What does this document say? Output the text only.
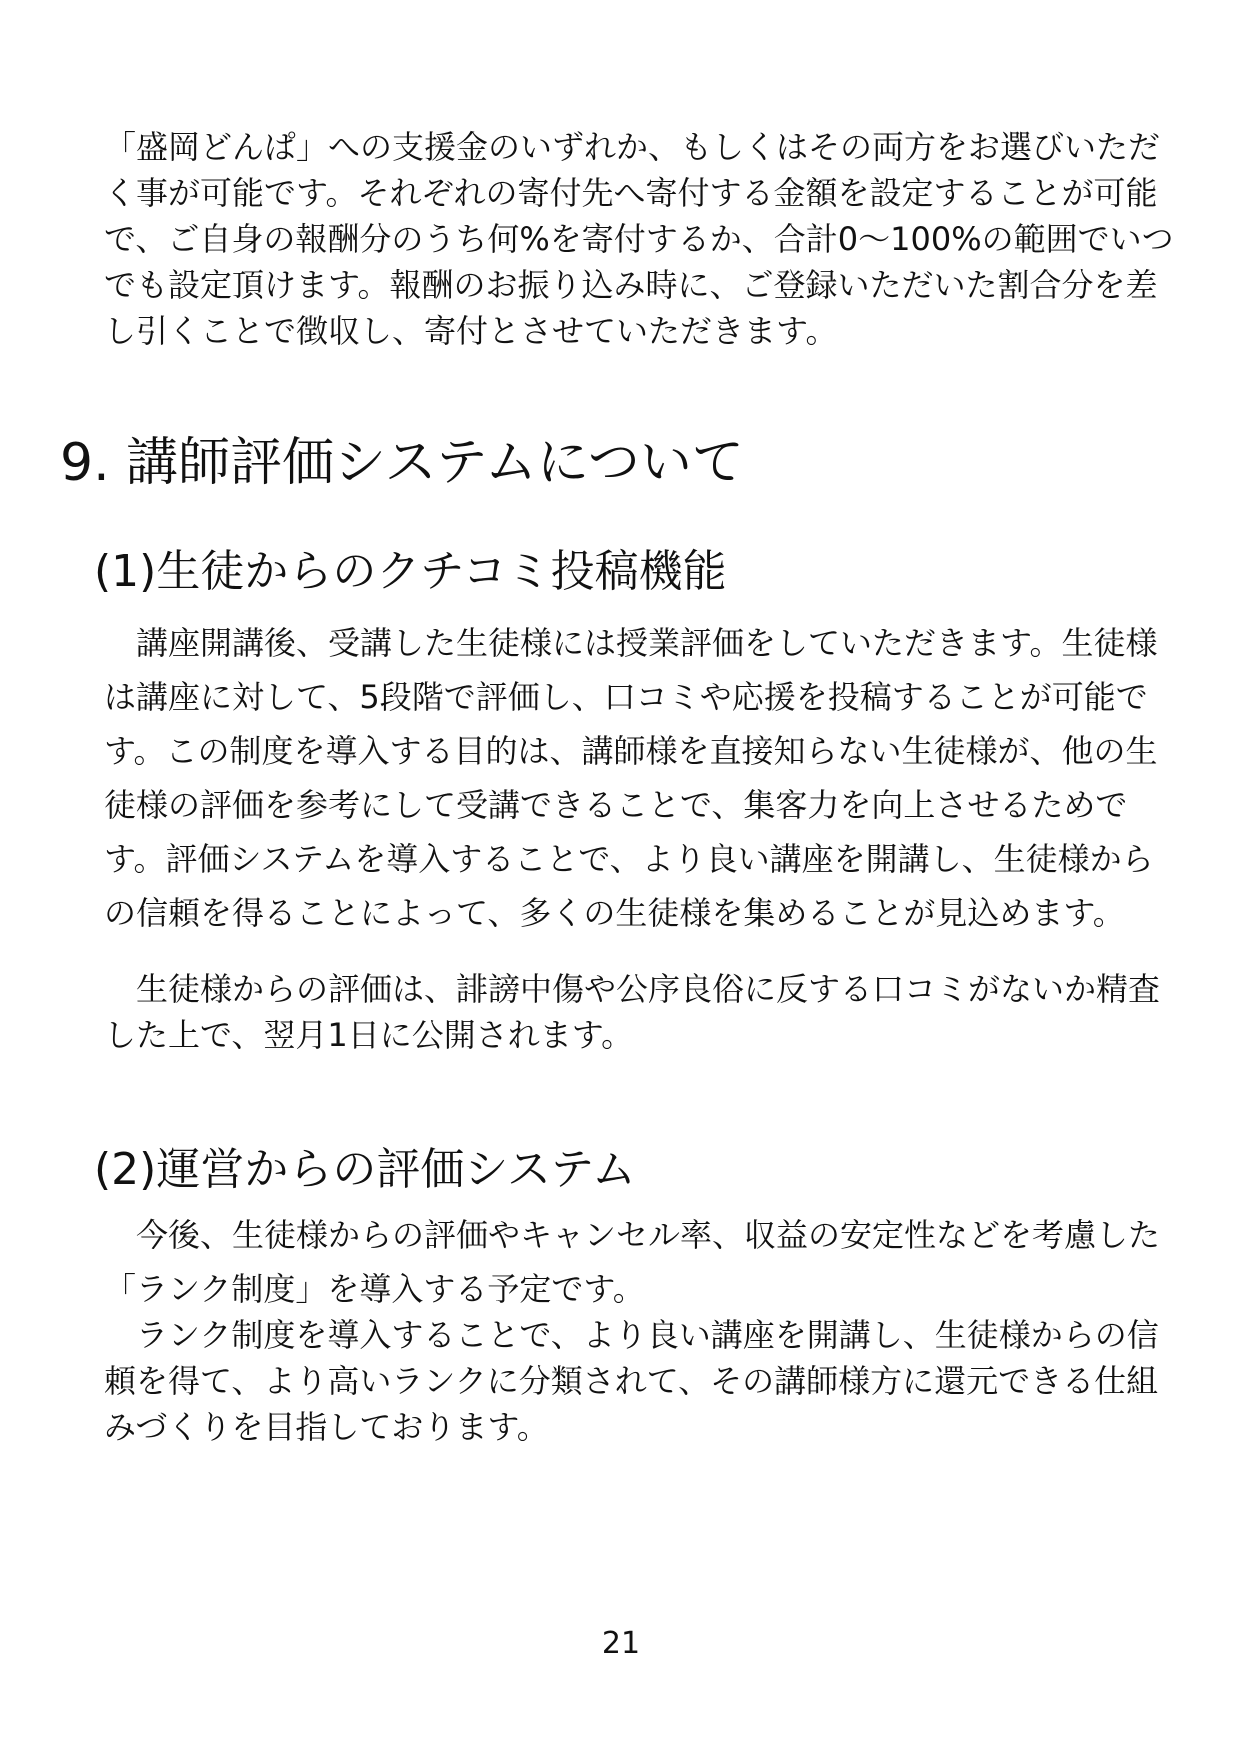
「盛岡どんぱ」への支援金のいずれか、もしくはその両方をお選びいただく事が可能です。それぞれの寄付先へ寄付する金額を設定することが可能で、ご自身の報酬分のうち何%を寄付するか、合計0～100%の範囲でいつでも設定頂けます。報酬のお振り込み時に、ご登録いただいた割合分を差し引くことで徴収し、寄付とさせていただきます。

9. 講師評価システムについて
(1)生徒からのクチコミ投稿機能

講座開講後、受講した生徒様には授業評価をしていただきます。生徒様は講座に対して、5段階で評価し、口コミや応援を投稿することが可能です。この制度を導入する目的は、講師様を直接知らない生徒様が、他の生徒様の評価を参考にして受講できることで、集客力を向上させるためです。評価システムを導入することで、より良い講座を開講し、生徒様からの信頼を得ることによって、多くの生徒様を集めることが見込めます。

生徒様からの評価は、誹謗中傷や公序良俗に反する口コミがないか精査した上で、翌月1日に公開されます。

(2)運営からの評価システム

今後、生徒様からの評価やキャンセル率、収益の安定性などを考慮した「ランク制度」を導入する予定です。

ランク制度を導入することで、より良い講座を開講し、生徒様からの信頼を得て、より高いランクに分類されて、その講師様方に還元できる仕組みづくりを目指しております。

21
